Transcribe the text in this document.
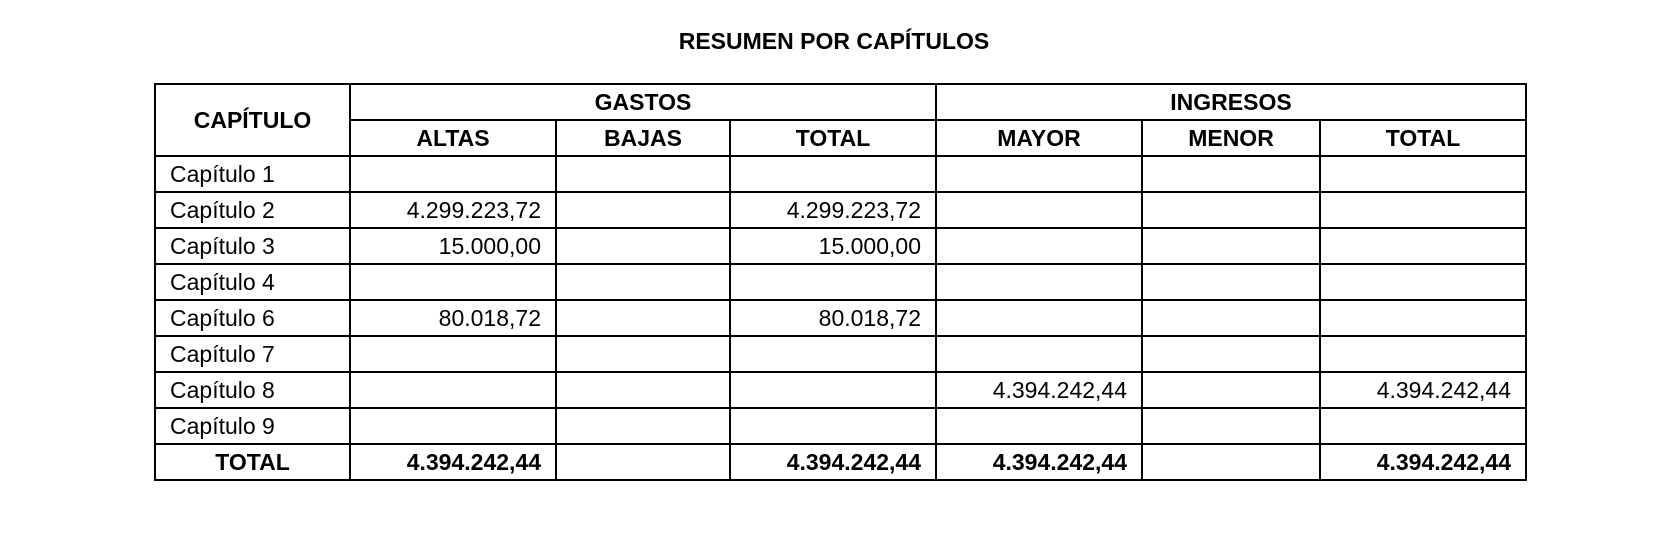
RESUMEN POR CAPÍTULOS
CAPÍTULO	GASTOS			INGRESOS		
	ALTAS	BAJAS	TOTAL	MAYOR	MENOR	TOTAL
Capítulo 1						
Capítulo 2	4.299.223,72		4.299.223,72			
Capítulo 3	15.000,00		15.000,00			
Capítulo 4						
Capítulo 6	80.018,72		80.018,72			
Capítulo 7						
Capítulo 8				4.394.242,44		4.394.242,44
Capítulo 9						
TOTAL	4.394.242,44		4.394.242,44	4.394.242,44		4.394.242,44
